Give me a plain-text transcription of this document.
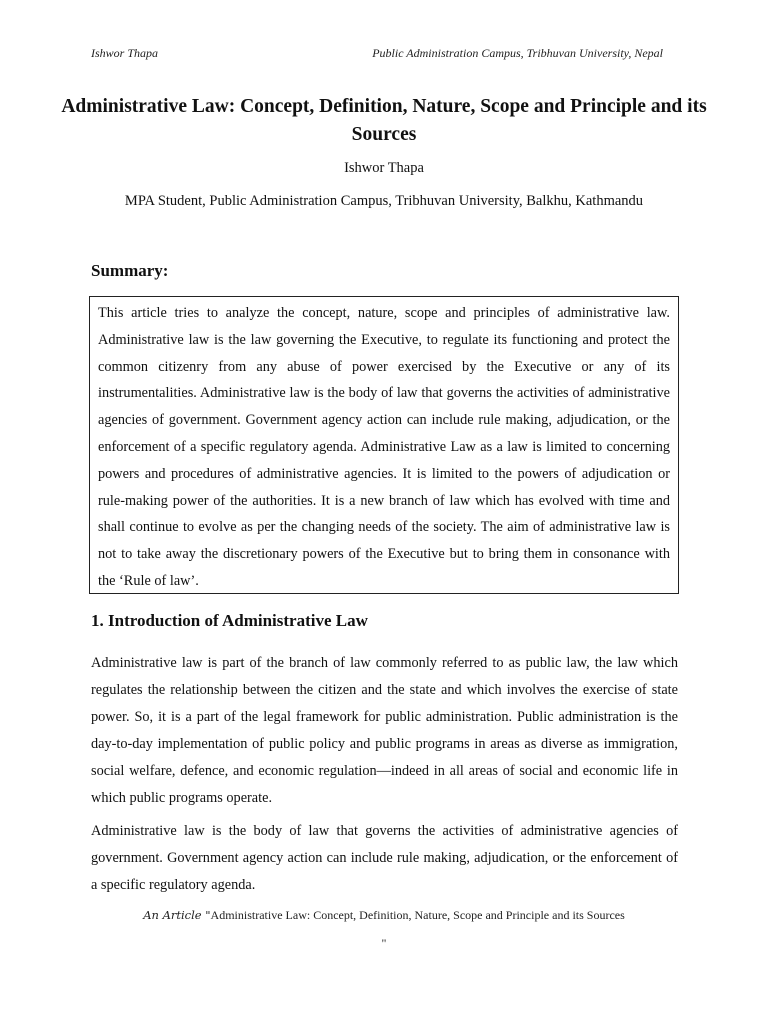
Ishwor Thapa	Public Administration Campus, Tribhuvan University, Nepal
Administrative Law: Concept, Definition, Nature, Scope and Principle and its Sources
Ishwor Thapa
MPA Student, Public Administration Campus, Tribhuvan University, Balkhu, Kathmandu
Summary:
This article tries to analyze the concept, nature, scope and principles of administrative law. Administrative law is the law governing the Executive, to regulate its functioning and protect the common citizenry from any abuse of power exercised by the Executive or any of its instrumentalities. Administrative law is the body of law that governs the activities of administrative agencies of government. Government agency action can include rule making, adjudication, or the enforcement of a specific regulatory agenda. Administrative Law as a law is limited to concerning powers and procedures of administrative agencies. It is limited to the powers of adjudication or rule-making power of the authorities. It is a new branch of law which has evolved with time and shall continue to evolve as per the changing needs of the society. The aim of administrative law is not to take away the discretionary powers of the Executive but to bring them in consonance with the ‘Rule of law’.
1. Introduction of Administrative Law
Administrative law is part of the branch of law commonly referred to as public law, the law which regulates the relationship between the citizen and the state and which involves the exercise of state power. So, it is a part of the legal framework for public administration. Public administration is the day-to-day implementation of public policy and public programs in areas as diverse as immigration, social welfare, defence, and economic regulation—indeed in all areas of social and economic life in which public programs operate.
Administrative law is the body of law that governs the activities of administrative agencies of government. Government agency action can include rule making, adjudication, or the enforcement of a specific regulatory agenda.
An Article "Administrative Law: Concept, Definition, Nature, Scope and Principle and its Sources
"
